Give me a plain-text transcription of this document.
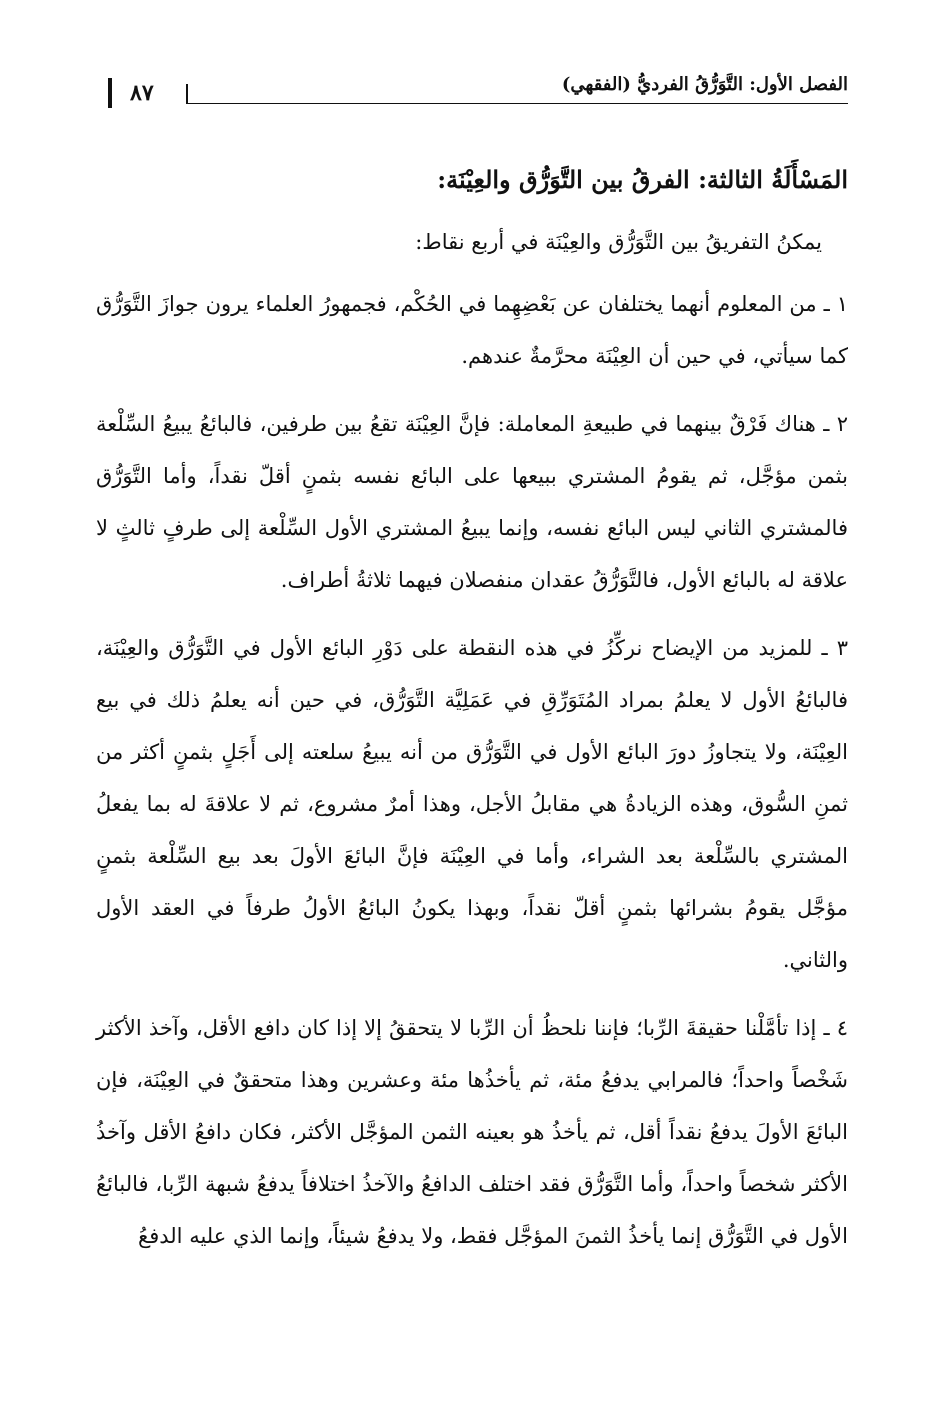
٨٧	الفصل الأول: التَّوَرُّقُ الفرديُّ (الفقهي)
المَسْأَلَةُ الثالثة: الفرقُ بين التَّوَرُّق والعِيْنَة:

يمكنُ التفريقُ بين التَّوَرُّق والعِيْنَة في أربع نقاط:

١ ـ من المعلوم أنهما يختلفان عن بَعْضِهِما في الحُكْم، فجمهورُ العلماء يرون جوازَ التَّوَرُّق كما سيأتي، في حين أن العِيْنَة محرَّمةٌ عندهم.

٢ ـ هناك فَرْقٌ بينهما في طبيعةِ المعاملة: فإنَّ العِيْنَة تقعُ بين طرفين، فالبائعُ يبيعُ السِّلْعة بثمن مؤجَّل، ثم يقومُ المشتري ببيعها على البائع نفسه بثمنٍ أقلّ نقداً، وأما التَّوَرُّق فالمشتري الثاني ليس البائع نفسه، وإنما يبيعُ المشتري الأول السِّلْعة إلى طرفٍ ثالثٍ لا علاقة له بالبائع الأول، فالتَّوَرُّقُ عقدان منفصلان فيهما ثلاثةُ أطراف.

٣ ـ للمزيد من الإيضاح نركِّزُ في هذه النقطة على دَوْرِ البائع الأول في التَّوَرُّق والعِيْنَة، فالبائعُ الأول لا يعلمُ بمراد المُتَوَرِّقِ في عَمَلِيَّة التَّوَرُّق، في حين أنه يعلمُ ذلك في بيع العِيْنَة، ولا يتجاوزُ دورَ البائع الأول في التَّوَرُّق من أنه يبيعُ سلعته إلى أَجَلٍ بثمنٍ أكثر من ثمنِ السُّوق، وهذه الزيادةُ هي مقابلُ الأجل، وهذا أمرٌ مشروع، ثم لا علاقةَ له بما يفعلُ المشتري بالسِّلْعة بعد الشراء، وأما في العِيْنَة فإنَّ البائعَ الأولَ بعد بيع السِّلْعة بثمنٍ مؤجَّل يقومُ بشرائها بثمنٍ أقلّ نقداً، وبهذا يكونُ البائعُ الأولُ طرفاً في العقد الأول والثاني.

٤ ـ إذا تأمَّلْنا حقيقةَ الرِّبا؛ فإننا نلحظُ أن الرِّبا لا يتحققُ إلا إذا كان دافع الأقل، وآخذ الأكثر شَخْصاً واحداً؛ فالمرابي يدفعُ مئة، ثم يأخذُها مئة وعشرين وهذا متحققٌ في العِيْنَة، فإن البائعَ الأولَ يدفعُ نقداً أقل، ثم يأخذُ هو بعينه الثمن المؤجَّل الأكثر، فكان دافعُ الأقل وآخذُ الأكثر شخصاً واحداً، وأما التَّوَرُّق فقد اختلف الدافعُ والآخذُ اختلافاً يدفعُ شبهة الرِّبا، فالبائعُ الأول في التَّوَرُّق إنما يأخذُ الثمنَ المؤجَّل فقط، ولا يدفعُ شيئاً، وإنما الذي عليه الدفعُ
